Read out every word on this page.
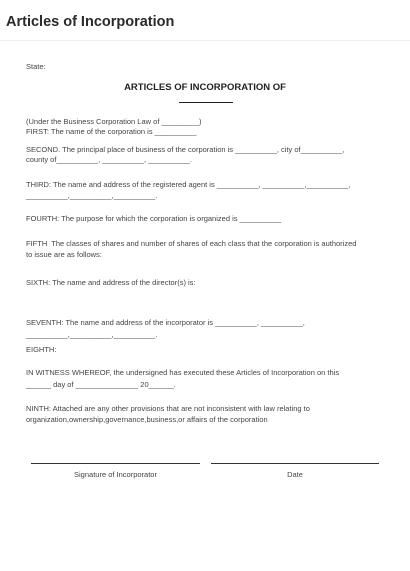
Articles of Incorporation
State:
ARTICLES OF INCORPORATION OF
(Under the Business Corporation Law of _________)
FIRST: The name of the corporation is __________
SECOND. The principal place of business of the corporation is __________, city of__________,
county of__________, __________, __________.
THIRD: The name and address of the registered agent is __________, __________,__________,
__________,__________,__________.
FOURTH: The purpose for which the corporation is organized is __________
FIFTH  The classes of shares and number of shares of each class that the corporation is authorized
to issue are as follows:
SIXTH: The name and address of the director(s) is:
SEVENTH: The name and address of the incorporator is __________, __________,
__________,__________,__________.
EIGHTH:
IN WITNESS WHEREOF, the undersigned has executed these Articles of Incorporation on this
______ day of _______________ 20______.
NINTH: Attached are any other provisions that are not inconsistent with law relating to
organization,ownership,governance,business,or affairs of the corporation
Signature of Incorporator	Date
